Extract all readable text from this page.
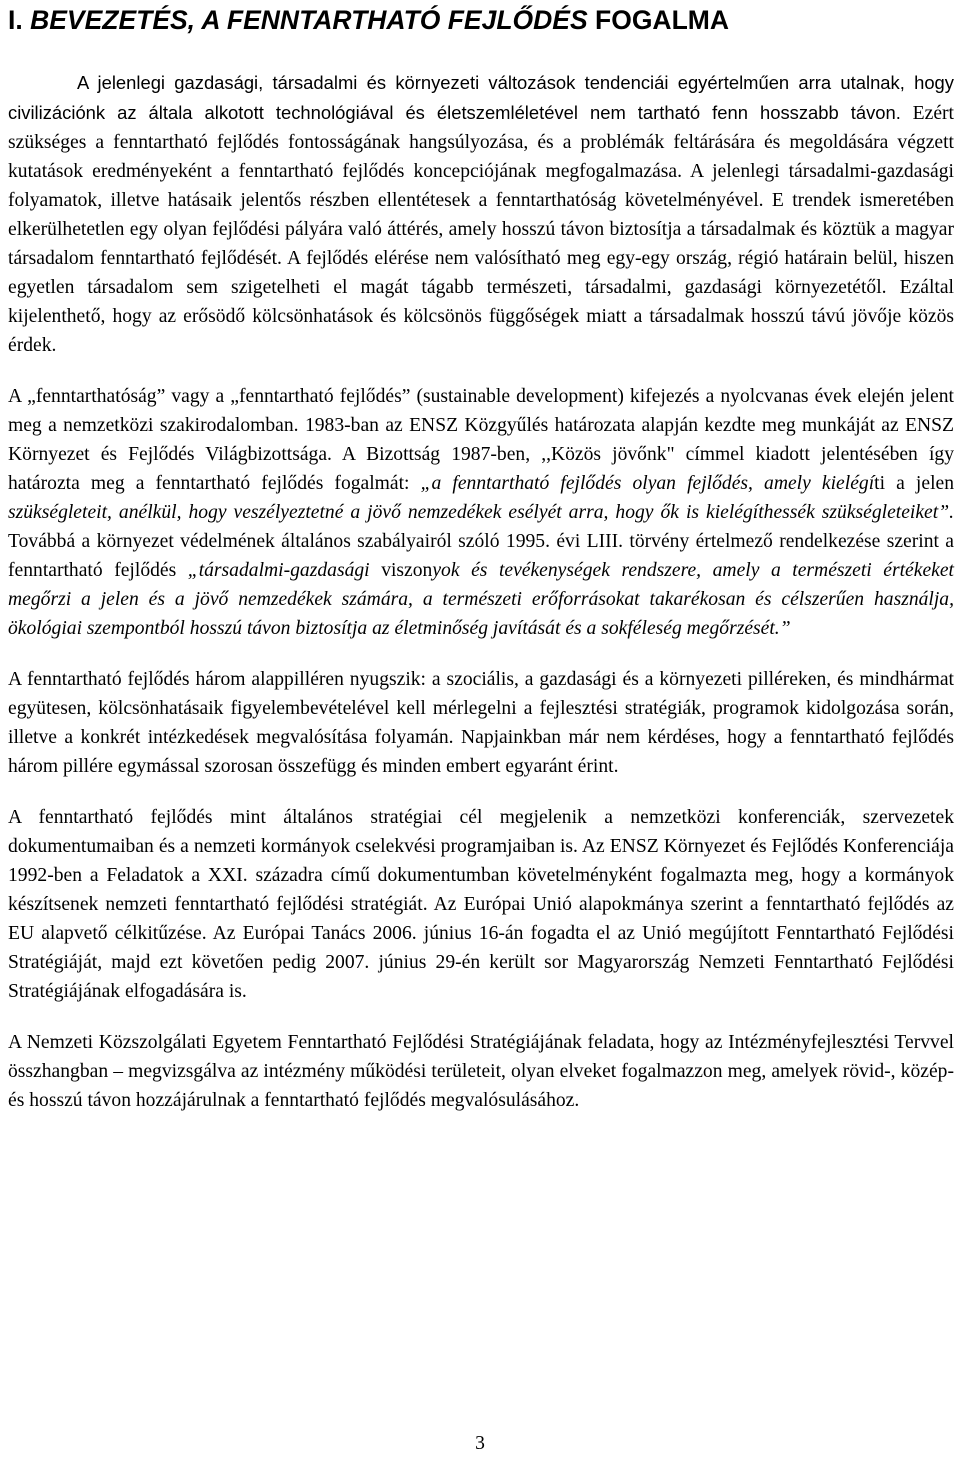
I. BEVEZETÉS, A FENNTARTHATÓ FEJLŐDÉS FOGALMA

A jelenlegi gazdasági, társadalmi és környezeti változások tendenciái egyértelműen arra utalnak, hogy civilizációnk az általa alkotott technológiával és életszemléletével nem tartható fenn hosszabb távon. Ezért szükséges a fenntartható fejlődés fontosságának hangsúlyozása, és a problémák feltárására és megoldására végzett kutatások eredményeként a fenntartható fejlődés koncepciójának megfogalmazása. A jelenlegi társadalmi-gazdasági folyamatok, illetve hatásaik jelentős részben ellentétesek a fenntarthatóság követelményével. E trendek ismeretében elkerülhetetlen egy olyan fejlődési pályára való áttérés, amely hosszú távon biztosítja a társadalmak és köztük a magyar társadalom fenntartható fejlődését. A fejlődés elérése nem valósítható meg egy-egy ország, régió határain belül, hiszen egyetlen társadalom sem szigetelheti el magát tágabb természeti, társadalmi, gazdasági környezetétől. Ezáltal kijelenthető, hogy az erősödő kölcsönhatások és kölcsönös függőségek miatt a társadalmak hosszú távú jövője közös érdek.

A „fenntarthatóság” vagy a „fenntartható fejlődés” (sustainable development) kifejezés a nyolcvanas évek elején jelent meg a nemzetközi szakirodalomban. 1983-ban az ENSZ Közgyűlés határozata alapján kezdte meg munkáját az ENSZ Környezet és Fejlődés Világbizottsága. A Bizottság 1987-ben, ,,Közös jövőnk" címmel kiadott jelentésében így határozta meg a fenntartható fejlődés fogalmát: „a fenntartható fejlődés olyan fejlődés, amely kielégíti a jelen szükségleteit, anélkül, hogy veszélyeztetné a jövő nemzedékek esélyét arra, hogy ők is kielégíthessék szükségleteiket”. Továbbá a környezet védelmének általános szabályairól szóló 1995. évi LIII. törvény értelmező rendelkezése szerint a fenntartható fejlődés „társadalmi-gazdasági viszonyok és tevékenységek rendszere, amely a természeti értékeket megőrzi a jelen és a jövő nemzedékek számára, a természeti erőforrásokat takarékosan és célszerűen használja, ökológiai szempontból hosszú távon biztosítja az életminőség javítását és a sokféleség megőrzését.”

A fenntartható fejlődés három alappilléren nyugszik: a szociális, a gazdasági és a környezeti pilléreken, és mindhármat együtesen, kölcsönhatásaik figyelembevételével kell mérlegelni a fejlesztési stratégiák, programok kidolgozása során, illetve a konkrét intézkedések megvalósítása folyamán. Napjainkban már nem kérdéses, hogy a fenntartható fejlődés három pillére egymással szorosan összefügg és minden embert egyaránt érint.

A fenntartható fejlődés mint általános stratégiai cél megjelenik a nemzetközi konferenciák, szervezetek dokumentumaiban és a nemzeti kormányok cselekvési programjaiban is. Az ENSZ Környezet és Fejlődés Konferenciája 1992-ben a Feladatok a XXI. századra című dokumentumban követelményként fogalmazta meg, hogy a kormányok készítsenek nemzeti fenntartható fejlődési stratégiát. Az Európai Unió alapokmánya szerint a fenntartható fejlődés az EU alapvető célkitűzése. Az Európai Tanács 2006. június 16-án fogadta el az Unió megújított Fenntartható Fejlődési Stratégiáját, majd ezt követően pedig 2007. június 29-én került sor Magyarország Nemzeti Fenntartható Fejlődési Stratégiájának elfogadására is.

A Nemzeti Közszolgálati Egyetem Fenntartható Fejlődési Stratégiájának feladata, hogy az Intézményfejlesztési Tervvel összhangban – megvizsgálva az intézmény működési területeit, olyan elveket fogalmazzon meg, amelyek rövid-, közép- és hosszú távon hozzájárulnak a fenntartható fejlődés megvalósulásához.

3
